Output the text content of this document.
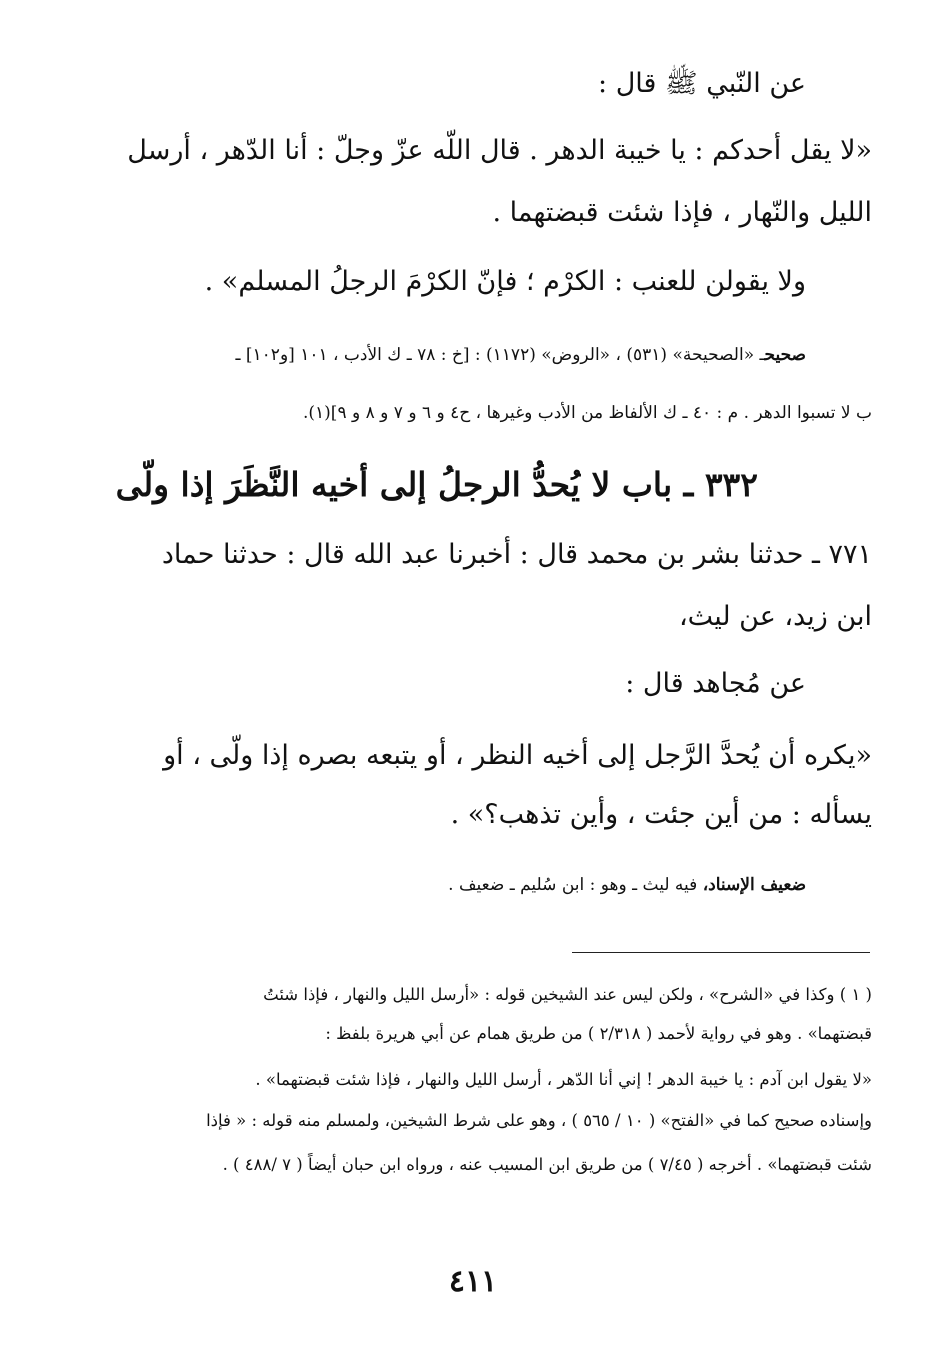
عن النّبي ﷺ قال :
«لا يقل أحدكم : يا خيبة الدهر . قال اللّه عزّ وجلّ : أنا الدّهر ، أرسل
الليل والنّهار ، فإذا شئت قبضتهما .
ولا يقولن للعنب : الكرْم ؛ فإنّ الكرْمَ الرجلُ المسلم» .
صحيحـ «الصحيحة» (٥٣١) ، «الروض» (١١٧٢) : [خ : ٧٨ ـ ك الأدب ، ١٠١ [و١٠٢] ـ
ب لا تسبوا الدهر . م : ٤٠ ـ ك الألفاظ من الأدب وغيرها ، ح٤ و ٦ و ٧ و ٨ و ٩](١).
٣٣٢ ـ باب لا يُحدُّ الرجلُ إلى أخيه النَّظَرَ إذا ولّى
٧٧١ ـ حدثنا بشر بن محمد قال : أخبرنا عبد الله قال : حدثنا حماد
ابن زيد، عن ليث،
عن مُجاهد قال :
«يكره أن يُحدَّ الرَّجل إلى أخيه النظر ، أو يتبعه بصره إذا ولّى ، أو
يسأله : من أين جئت ، وأين تذهب؟» .
ضعيف الإسناد، فيه ليث ـ وهو : ابن سُليم ـ ضعيف .
( ١ ) وكذا في «الشرح» ، ولكن ليس عند الشيخين قوله : «أرسل الليل والنهار ، فإذا شئتُ
قبضتهما» . وهو في رواية لأحمد ( ٢/٣١٨ ) من طريق همام عن أبي هريرة بلفظ :
«لا يقول ابن آدم : يا خيبة الدهر ! إني أنا الدّهر ، أرسل الليل والنهار ، فإذا شئت قبضتهما» .
وإسناده صحيح كما في «الفتح» ( ١٠ / ٥٦٥ ) ، وهو على شرط الشيخين، ولمسلم منه قوله : « فإذا
شئت قبضتهما» . أخرجه ( ٧/٤٥ ) من طريق ابن المسيب عنه ، ورواه ابن حبان أيضاً ( ٧ /٤٨٨ ) .
٤١١
